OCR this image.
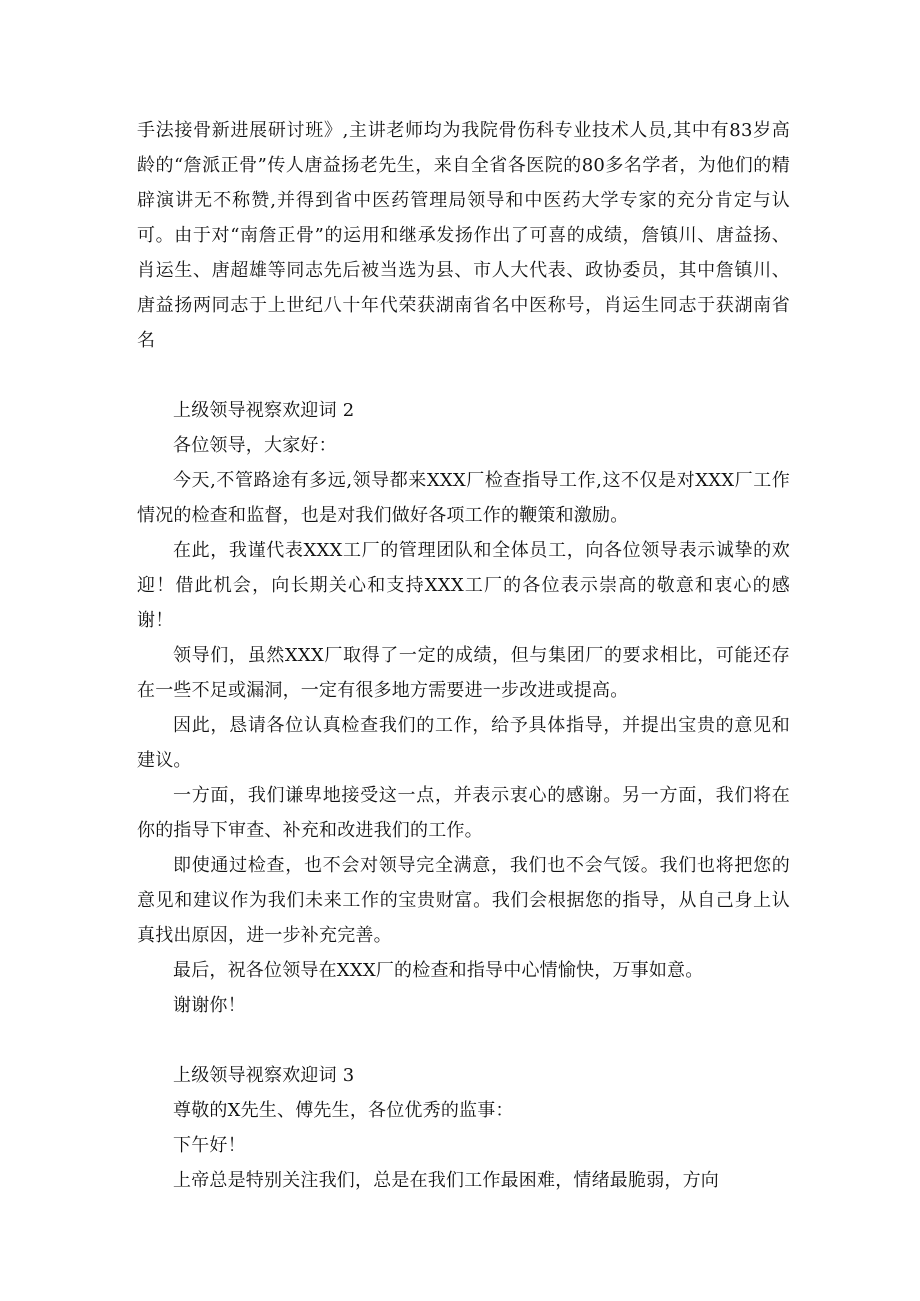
手法接骨新进展研讨班》,主讲老师均为我院骨伤科专业技术人员,其中有83岁高龄的“詹派正骨”传人唐益扬老先生，来自全省各医院的80多名学者，为他们的精辟演讲无不称赞,并得到省中医药管理局领导和中医药大学专家的充分肯定与认可。由于对“南詹正骨”的运用和继承发扬作出了可喜的成绩，詹镇川、唐益扬、肖运生、唐超雄等同志先后被当选为县、市人大代表、政协委员，其中詹镇川、唐益扬两同志于上世纪八十年代荣获湖南省名中医称号，肖运生同志于获湖南省名

上级领导视察欢迎词 2

各位领导，大家好：

今天,不管路途有多远,领导都来XXX厂检查指导工作,这不仅是对XXX厂工作情况的检查和监督，也是对我们做好各项工作的鞭策和激励。

在此，我谨代表XXX工厂的管理团队和全体员工，向各位领导表示诚挚的欢迎！借此机会，向长期关心和支持XXX工厂的各位表示崇高的敬意和衷心的感谢！

领导们，虽然XXX厂取得了一定的成绩，但与集团厂的要求相比，可能还存在一些不足或漏洞，一定有很多地方需要进一步改进或提高。

因此，恳请各位认真检查我们的工作，给予具体指导，并提出宝贵的意见和建议。

一方面，我们谦卑地接受这一点，并表示衷心的感谢。另一方面，我们将在你的指导下审查、补充和改进我们的工作。

即使通过检查，也不会对领导完全满意，我们也不会气馁。我们也将把您的意见和建议作为我们未来工作的宝贵财富。我们会根据您的指导，从自己身上认真找出原因，进一步补充完善。

最后，祝各位领导在XXX厂的检查和指导中心情愉快，万事如意。

谢谢你！

上级领导视察欢迎词 3

尊敬的X先生、傅先生，各位优秀的监事：

下午好！

上帝总是特别关注我们，总是在我们工作最困难，情绪最脆弱，方向
